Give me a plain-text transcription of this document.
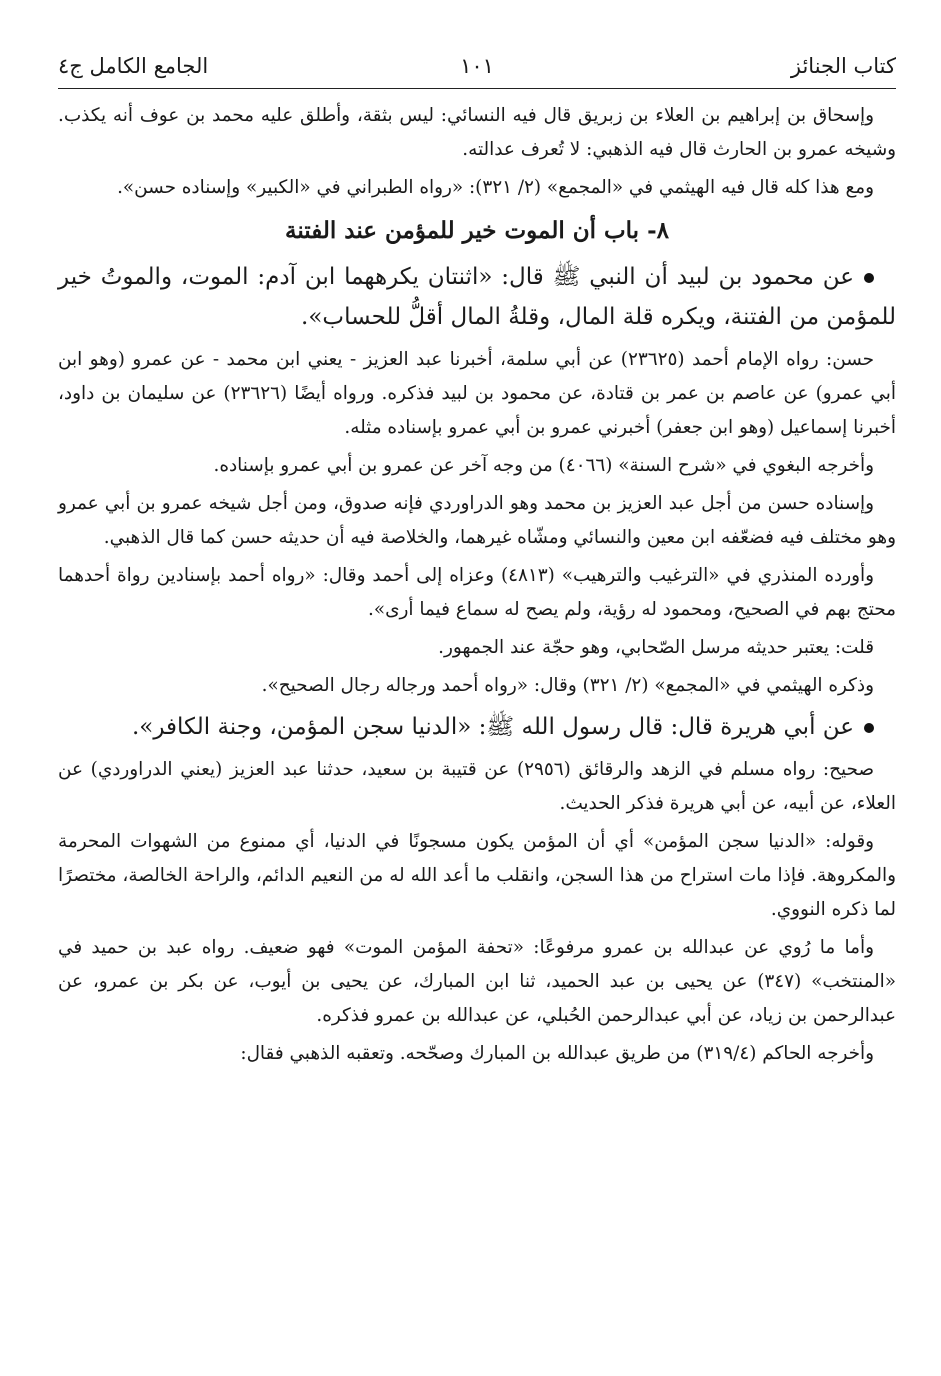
كتاب الجنائز
١٠١
الجامع الكامل ج٤

وإسحاق بن إبراهيم بن العلاء بن زبريق قال فيه النسائي: ليس بثقة، وأطلق عليه محمد بن عوف أنه يكذب. وشيخه عمرو بن الحارث قال فيه الذهبي: لا تُعرف عدالته.

ومع هذا كله قال فيه الهيثمي في «المجمع» (٢/ ٣٢١): «رواه الطبراني في «الكبير» وإسناده حسن».

٨- باب أن الموت خير للمؤمن عند الفتنة

عن محمود بن لبيد أن النبي ﷺ قال: «اثنتان يكرههما ابن آدم: الموت، والموتُ خير للمؤمن من الفتنة، ويكره قلة المال، وقلةُ المال أقلُّ للحساب».

حسن: رواه الإمام أحمد (٢٣٦٢٥) عن أبي سلمة، أخبرنا عبد العزيز - يعني ابن محمد - عن عمرو (وهو ابن أبي عمرو) عن عاصم بن عمر بن قتادة، عن محمود بن لبيد فذكره. ورواه أيضًا (٢٣٦٢٦) عن سليمان بن داود، أخبرنا إسماعيل (وهو ابن جعفر) أخبرني عمرو بن أبي عمرو بإسناده مثله.

وأخرجه البغوي في «شرح السنة» (٤٠٦٦) من وجه آخر عن عمرو بن أبي عمرو بإسناده.

وإسناده حسن من أجل عبد العزيز بن محمد وهو الدراوردي فإنه صدوق، ومن أجل شيخه عمرو بن أبي عمرو وهو مختلف فيه فضعّفه ابن معين والنسائي ومشّاه غيرهما، والخلاصة فيه أن حديثه حسن كما قال الذهبي.

وأورده المنذري في «الترغيب والترهيب» (٤٨١٣) وعزاه إلى أحمد وقال: «رواه أحمد بإسنادين رواة أحدهما محتج بهم في الصحيح، ومحمود له رؤية، ولم يصح له سماع فيما أرى».

قلت: يعتبر حديثه مرسل الصّحابي، وهو حجّة عند الجمهور.

وذكره الهيثمي في «المجمع» (٢/ ٣٢١) وقال: «رواه أحمد ورجاله رجال الصحيح».

عن أبي هريرة قال: قال رسول الله ﷺ: «الدنيا سجن المؤمن، وجنة الكافر».

صحيح: رواه مسلم في الزهد والرقائق (٢٩٥٦) عن قتيبة بن سعيد، حدثنا عبد العزيز (يعني الدراوردي) عن العلاء، عن أبيه، عن أبي هريرة فذكر الحديث.

وقوله: «الدنيا سجن المؤمن» أي أن المؤمن يكون مسجونًا في الدنيا، أي ممنوع من الشهوات المحرمة والمكروهة. فإذا مات استراح من هذا السجن، وانقلب ما أعد الله له من النعيم الدائم، والراحة الخالصة، مختصرًا لما ذكره النووي.

وأما ما رُوي عن عبدالله بن عمرو مرفوعًا: «تحفة المؤمن الموت» فهو ضعيف. رواه عبد بن حميد في «المنتخب» (٣٤٧) عن يحيى بن عبد الحميد، ثنا ابن المبارك، عن يحيى بن أيوب، عن بكر بن عمرو، عن عبدالرحمن بن زياد، عن أبي عبدالرحمن الحُبلي، عن عبدالله بن عمرو فذكره.

وأخرجه الحاكم (٣١٩/٤) من طريق عبدالله بن المبارك وصحّحه. وتعقبه الذهبي فقال:
